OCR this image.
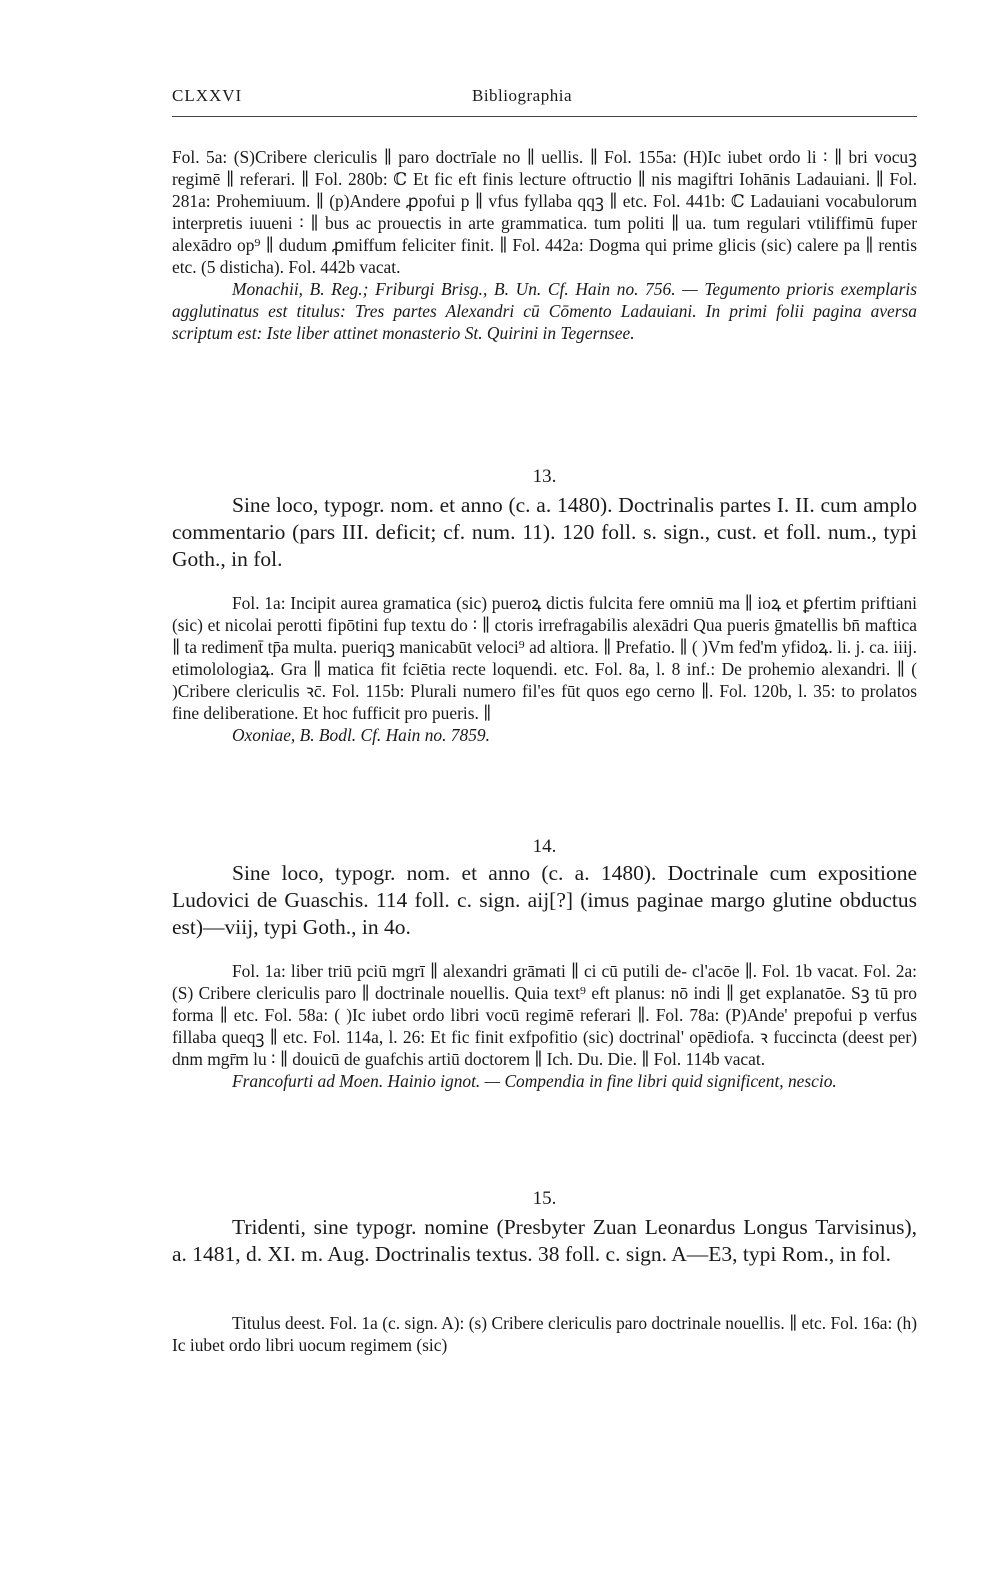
CLXXVI	Bibliographia

Fol. 5a: (S)Cribere clericulis ∥ paro doctrīale no ∥ uellis. ∥ Fol. 155a: (H)Ic iubet ordo li ∶ ∥ bri vocuꝫ regimē ∥ referari. ∥ Fol. 280b: ℂ Et fic eft finis lecture oftructio ∥ nis magiftri Iohānis Ladauiani. ∥ Fol. 281a: Prohemiuum. ∥ (p)Andere ꝓpofui p ∥ vfus fyllaba qqꝫ ∥ etc. Fol. 441b: ℂ Ladauiani vocabulorum interpretis iuueni ∶ ∥ bus ac prouectis in arte grammatica. tum politi ∥ ua. tum regulari vtiliffimū fuper alexādro op⁹ ∥ dudum ꝓmiffum feliciter finit. ∥ Fol. 442a: Dogma qui prime glicis (sic) calere pa ∥ rentis etc. (5 disticha). Fol. 442b vacat.

Monachii, B. Reg.; Friburgi Brisg., B. Un. Cf. Hain no. 756. — Tegumento prioris exemplaris agglutinatus est titulus: Tres partes Alexandri cū Cōmento Ladauiani. In primi folii pagina aversa scriptum est: Iste liber attinet monasterio St. Quirini in Tegernsee.

13.
Sine loco, typogr. nom. et anno (c. a. 1480). Doctrinalis partes I. II. cum amplo commentario (pars III. deficit; cf. num. 11). 120 foll. s. sign., cust. et foll. num., typi Goth., in fol.

Fol. 1a: Incipit aurea gramatica (sic) pueroꝝ dictis fulcita fere omniū ma ∥ ioꝝ et ꝑfertim priftiani (sic) et nicolai perotti fipōtini fup textu do ∶ ∥ ctoris irrefragabilis alexādri Qua pueris ḡmatellis bn̄ maftica ∥ ta rediment̄ tp̄a multa. pueriqꝫ manicabūt veloci⁹ ad altiora. ∥ Prefatio. ∥ ( )Vm fed'm yfidoꝝ. li. j. ca. iiij. etimolologiaꝝ. Gra ∥ matica fit fciētia recte loquendi. etc. Fol. 8a, l. 8 inf.: De prohemio alexandri. ∥ ( )Cribere clericulis ꝛc̄. Fol. 115b: Plurali numero fil'es fūt quos ego cerno ∥. Fol. 120b, l. 35: to prolatos fine deliberatione. Et hoc fufficit pro pueris. ∥

Oxoniae, B. Bodl. Cf. Hain no. 7859.

14.
Sine loco, typogr. nom. et anno (c. a. 1480). Doctrinale cum expositione Ludovici de Guaschis. 114 foll. c. sign. aij[?] (imus paginae margo glutine obductus est)—viij, typi Goth., in 4o.

Fol. 1a: liber triū pciū mgrī ∥ alexandri grāmati ∥ ci cū putili de- cl'acōe ∥. Fol. 1b vacat. Fol. 2a: (S) Cribere clericulis paro ∥ doctrinale nouellis. Quia text⁹ eft planus: nō indi ∥ get explanatōe. Sꝫ tū pro forma ∥ etc. Fol. 58a: ( )Ic iubet ordo libri vocū regimē referari ∥. Fol. 78a: (P)Ande' prepofui p verfus fillaba queqꝫ ∥ etc. Fol. 114a, l. 26: Et fic finit exfpofitio (sic) doctrinal' opēdiofa. ꝛ fuccincta (deest per) dnm mgr̄m lu ∶ ∥ douicū de guafchis artiū doctorem ∥ Ich. Du. Die. ∥ Fol. 114b vacat.

Francofurti ad Moen. Hainio ignot. — Compendia in fine libri quid significent, nescio.

15.
Tridenti, sine typogr. nomine (Presbyter Zuan Leonardus Longus Tarvisinus), a. 1481, d. XI. m. Aug. Doctrinalis textus. 38 foll. c. sign. A—E3, typi Rom., in fol.

Titulus deest. Fol. 1a (c. sign. A): (s) Cribere clericulis paro doctrinale nouellis. ∥ etc. Fol. 16a: (h) Ic iubet ordo libri uocum regimem (sic)
